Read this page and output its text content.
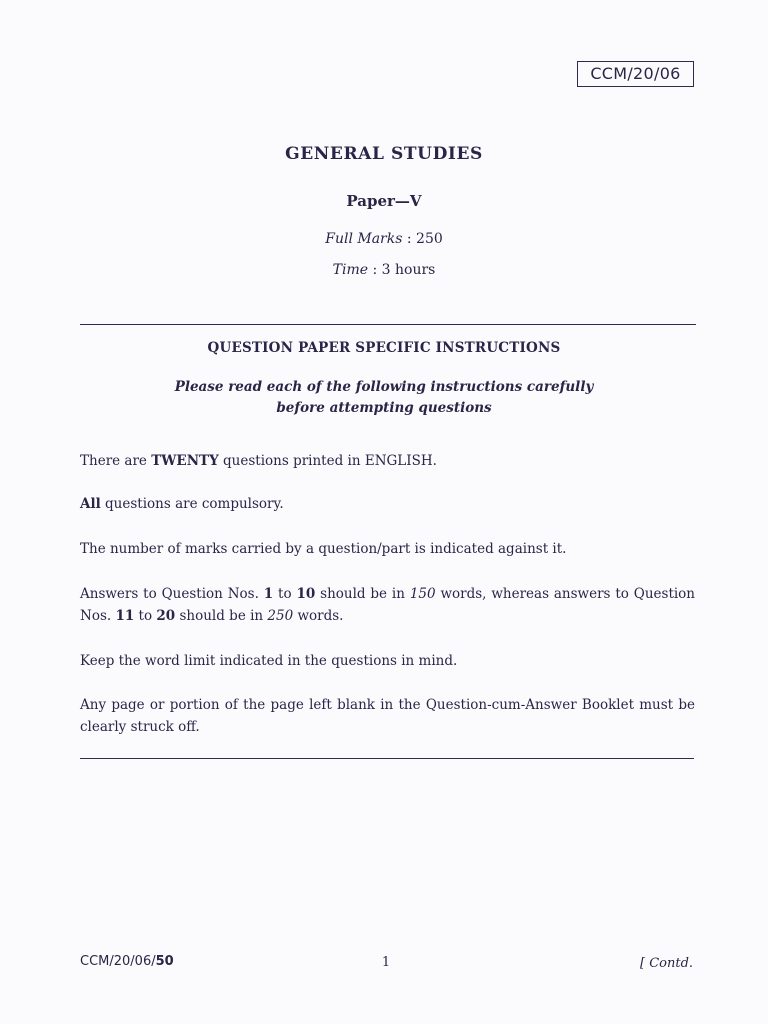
CCM/20/06
GENERAL STUDIES
Paper—V
Full Marks : 250
Time : 3 hours
QUESTION PAPER SPECIFIC INSTRUCTIONS
Please read each of the following instructions carefully
before attempting questions
There are TWENTY questions printed in ENGLISH.
All questions are compulsory.
The number of marks carried by a question/part is indicated against it.
Answers to Question Nos. 1 to 10 should be in 150 words, whereas answers to Question Nos. 11 to 20 should be in 250 words.
Keep the word limit indicated in the questions in mind.
Any page or portion of the page left blank in the Question-cum-Answer Booklet must be clearly struck off.
CCM/20/06/50	1	[ Contd.
